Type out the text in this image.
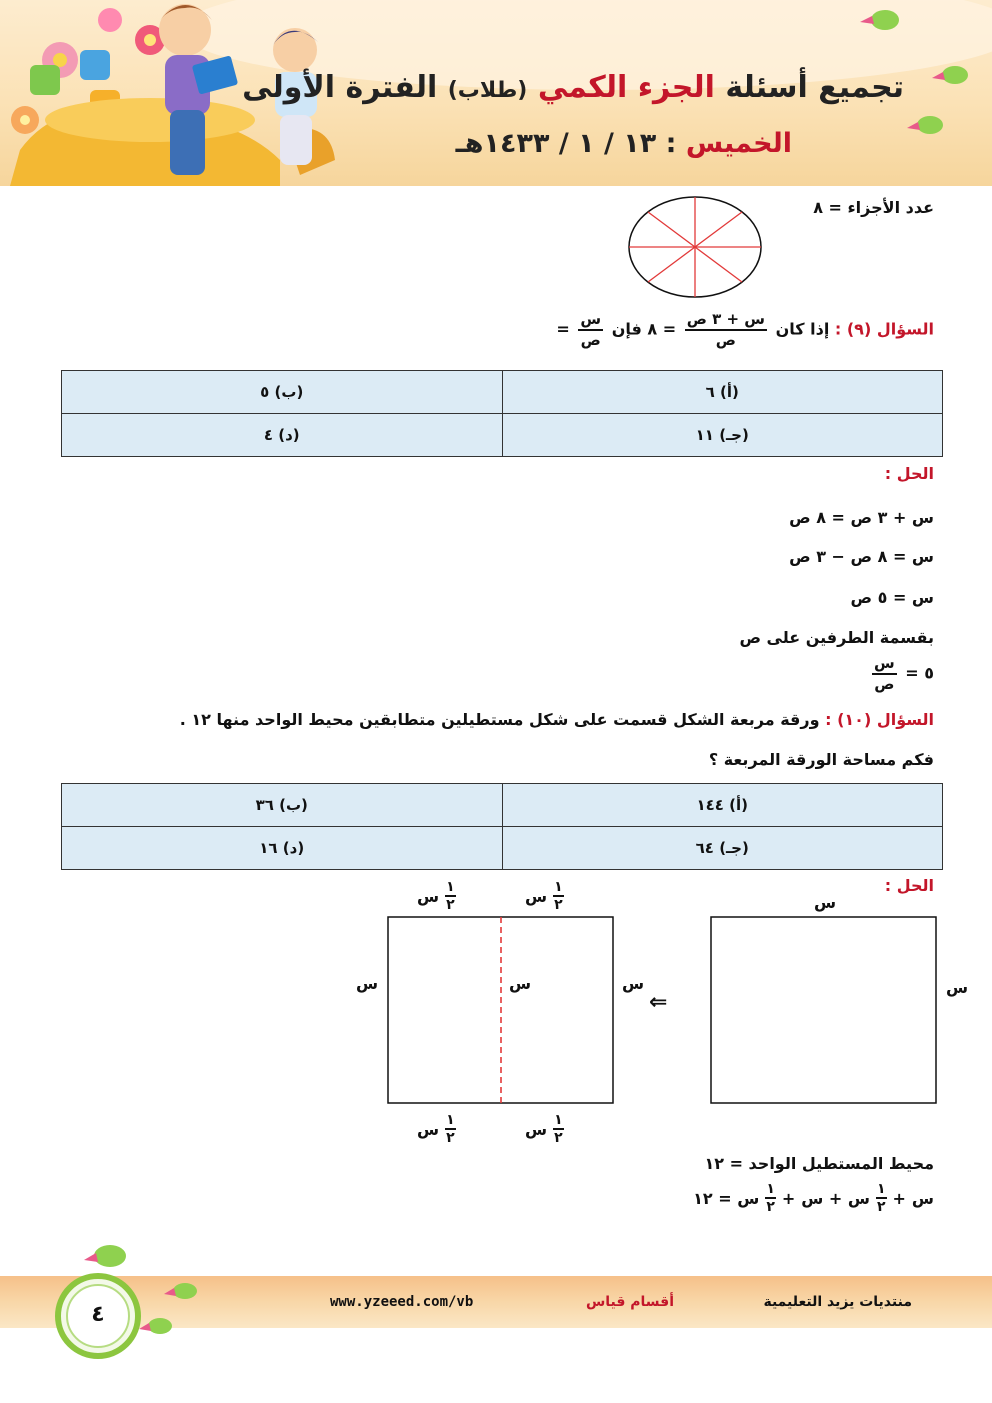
تجميع أسئلة الجزء الكمي (طلاب) الفترة الأولى
الخميس : ١٣ / ١ / ١٤٣٣هـ
عدد الأجزاء = ٨
السؤال (٩) : إذا كان
$\frac{\text{س + ٣ ص}}{\text{ص}}$
= ٨ فإن
$\frac{\text{س}}{\text{ص}}$
=
(ب) ٥	(أ) ٦
(د) ٤	(جـ) ١١
الحل :
س + ٣ ص = ٨ ص
س = ٨ ص − ٣ ص
س = ٥ ص
بقسمة الطرفين على ص
$\frac{\text{س}}{\text{ص}}$ = ٥
السؤال (١٠) : ورقة مربعة الشكل قسمت على شكل مستطيلين متطابقين محيط الواحد منها ١٢ .
فكم مساحة الورقة المربعة ؟
(ب) ٣٦	(أ) ١٤٤
(د) ١٦	(جـ) ٦٤
الحل :
س
س
⇐
س
س
س
س ١
٢	س ١
٢
س ١
٢	س ١
٢
محيط المستطيل الواحد = ١٢
س
+
١
٢
س + س
+
١
٢
س = ١٢
٤	منتديات يزيد التعليمية
أقسام قياس
www.yzeeed.com/vb
